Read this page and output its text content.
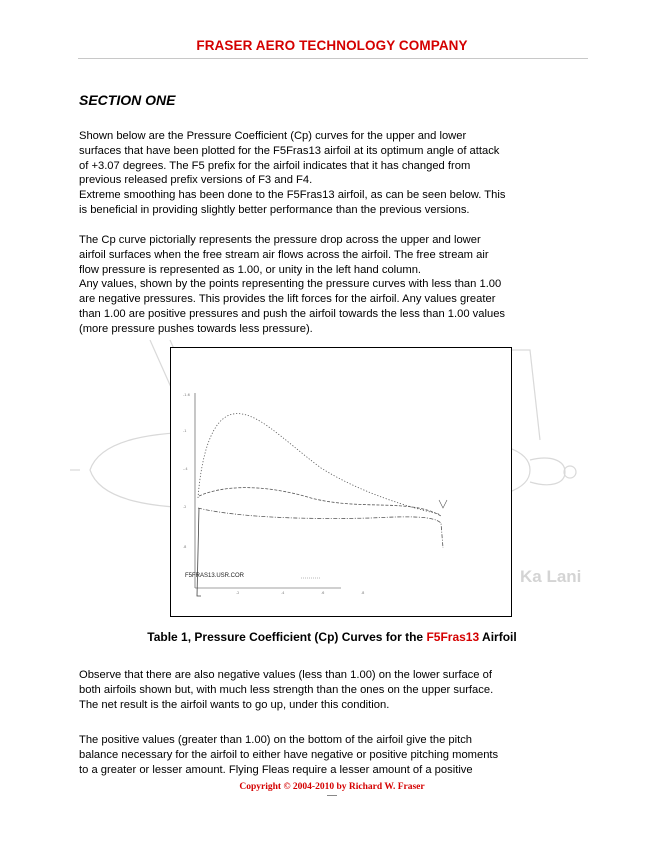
FRASER AERO TECHNOLOGY COMPANY
SECTION ONE

Shown below are the Pressure Coefficient (Cp) curves for the upper and lower
surfaces that have been plotted for the F5Fras13 airfoil at its optimum angle of attack
of +3.07 degrees. The F5 prefix for the airfoil indicates that it has changed from
previous released prefix versions of F3 and F4.
Extreme smoothing has been done to the F5Fras13 airfoil, as can be seen below. This
is beneficial in providing slightly better performance than the previous versions.

The Cp curve pictorially represents the pressure drop across the upper and lower
airfoil surfaces when the free stream air flows across the airfoil. The free stream air
flow pressure is represented as 1.00, or unity in the left hand column.
Any values, shown by the points representing the pressure curves with less than 1.00
are negative pressures. This provides the lift forces for the airfoil. Any values greater
than 1.00 are positive pressures and push the airfoil towards the less than 1.00 values
(more pressure pushes towards less pressure).

Ka Lani
-1.6
-1
-.4
.2
.8
.2	.4	.6	.8
F5FRAS13.USR.COR
Table 1, Pressure Coefficient (Cp) Curves for the F5Fras13 Airfoil

Observe that there are also negative values (less than 1.00) on the lower surface of
both airfoils shown but, with much less strength than the ones on the upper surface.
The net result is the airfoil wants to go up, under this condition.

The positive values (greater than 1.00) on the bottom of the airfoil give the pitch
balance necessary for the airfoil to either have negative or positive pitching moments
to a greater or lesser amount. Flying Fleas require a lesser amount of a positive

Copyright © 2004-2010 by Richard W. Fraser
